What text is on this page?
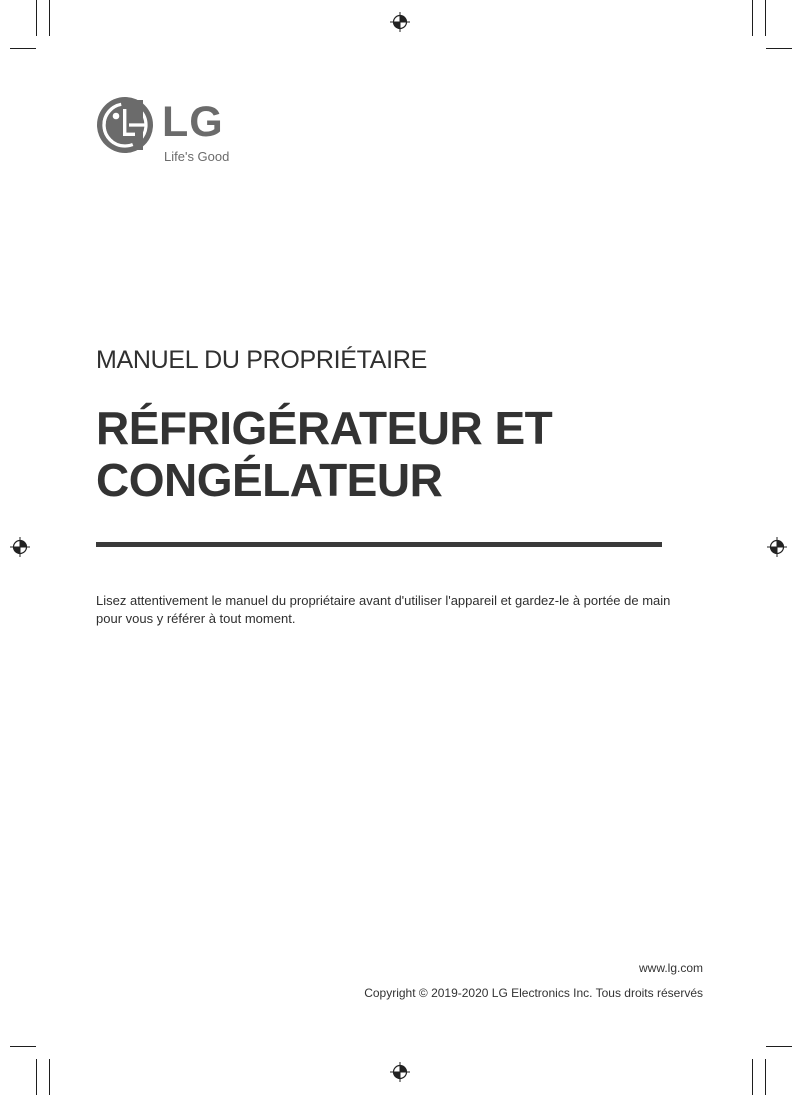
LG
Life's Good
MANUEL DU PROPRIÉTAIRE
RÉFRIGÉRATEUR ET
CONGÉLATEUR
Lisez attentivement le manuel du propriétaire avant d'utiliser l'appareil et gardez-le à portée de main
pour vous y référer à tout moment.
www.lg.com
Copyright © 2019-2020 LG Electronics Inc. Tous droits réservés
